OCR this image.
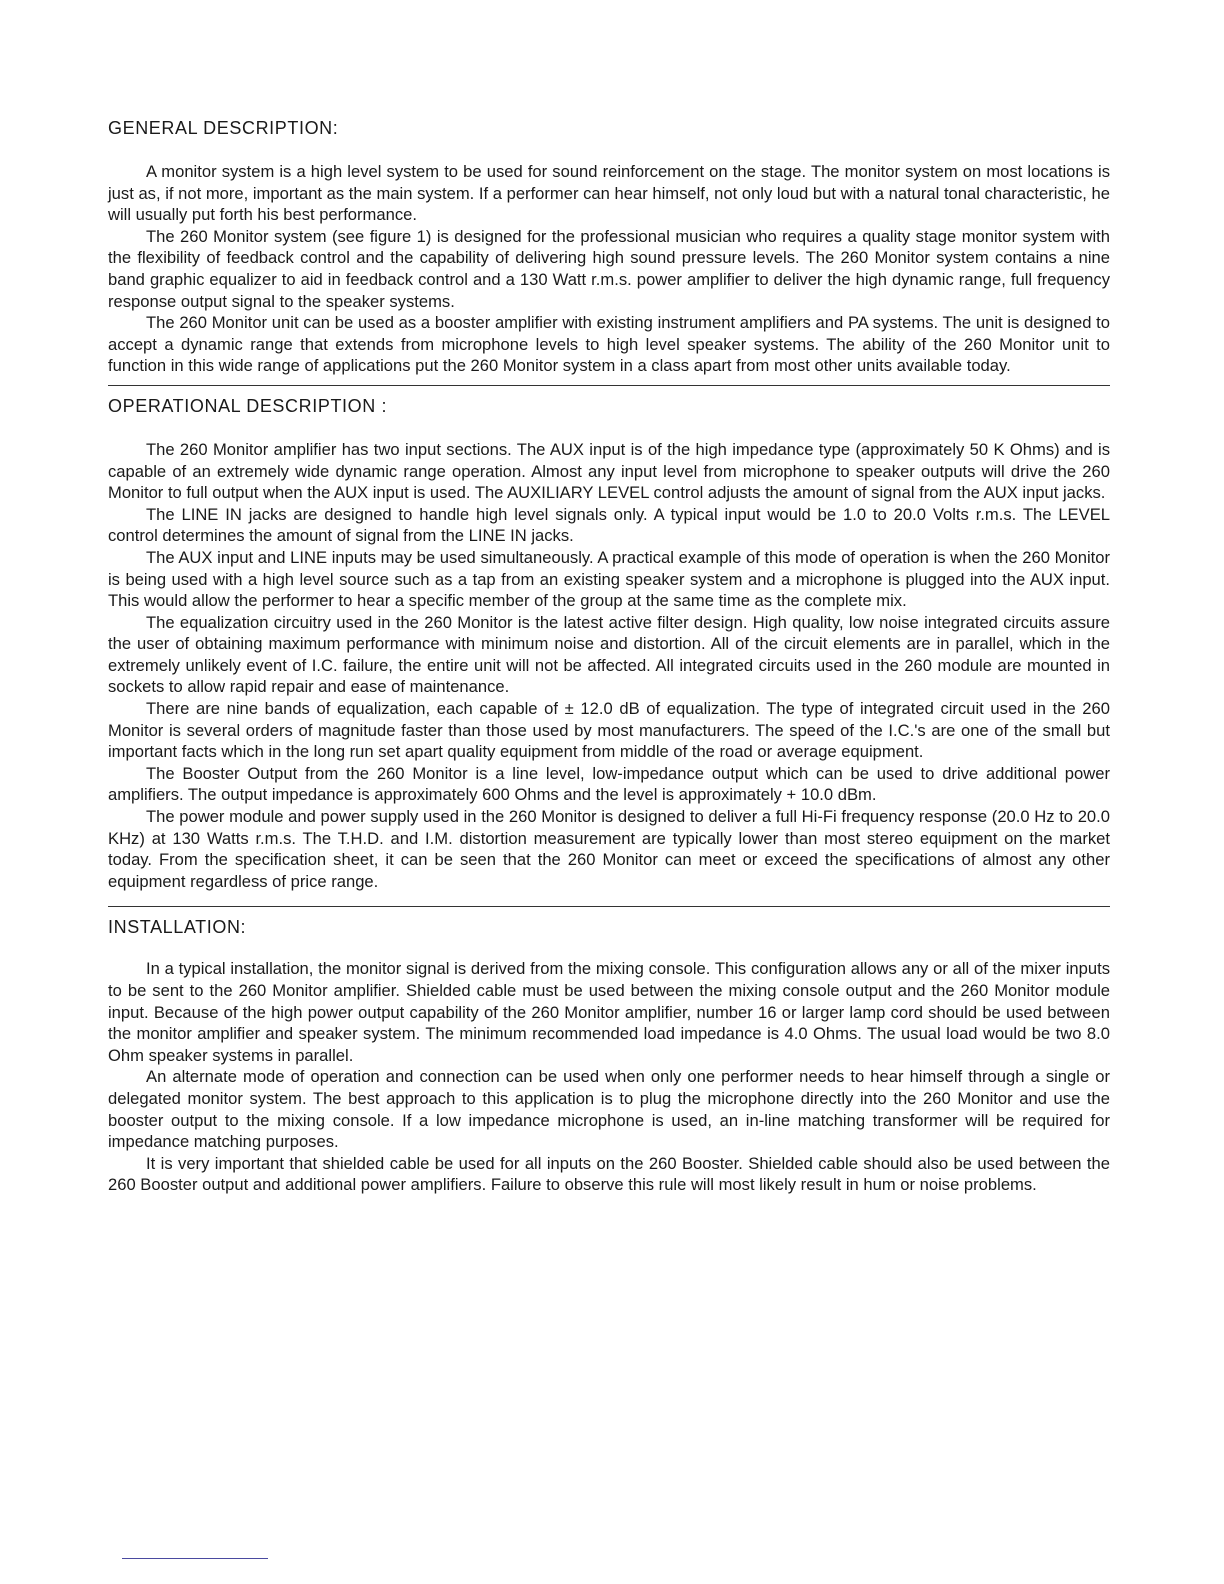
GENERAL DESCRIPTION:

A monitor system is a high level system to be used for sound reinforcement on the stage. The monitor system on most locations is just as, if not more, important as the main system. If a performer can hear himself, not only loud but with a natural tonal characteristic, he will usually put forth his best performance.

The 260 Monitor system (see figure 1) is designed for the professional musician who requires a quality stage monitor system with the flexibility of feedback control and the capability of delivering high sound pressure levels. The 260 Monitor system contains a nine band graphic equalizer to aid in feedback control and a 130 Watt r.m.s. power amplifier to deliver the high dynamic range, full frequency response output signal to the speaker systems.

The 260 Monitor unit can be used as a booster amplifier with existing instrument amplifiers and PA systems. The unit is designed to accept a dynamic range that extends from microphone levels to high level speaker systems. The ability of the 260 Monitor unit to function in this wide range of applications put the 260 Monitor system in a class apart from most other units available today.

OPERATIONAL DESCRIPTION :

The 260 Monitor amplifier has two input sections. The AUX input is of the high impedance type (approximately 50 K Ohms) and is capable of an extremely wide dynamic range operation. Almost any input level from microphone to speaker outputs will drive the 260 Monitor to full output when the AUX input is used. The AUXILIARY LEVEL control adjusts the amount of signal from the AUX input jacks.

The LINE IN jacks are designed to handle high level signals only. A typical input would be 1.0 to 20.0 Volts r.m.s. The LEVEL control determines the amount of signal from the LINE IN jacks.

The AUX input and LINE inputs may be used simultaneously. A practical example of this mode of operation is when the 260 Monitor is being used with a high level source such as a tap from an existing speaker system and a microphone is plugged into the AUX input. This would allow the performer to hear a specific member of the group at the same time as the complete mix.

The equalization circuitry used in the 260 Monitor is the latest active filter design. High quality, low noise integrated circuits assure the user of obtaining maximum performance with minimum noise and distortion. All of the circuit elements are in parallel, which in the extremely unlikely event of I.C. failure, the entire unit will not be affected. All integrated circuits used in the 260 module are mounted in sockets to allow rapid repair and ease of maintenance.

There are nine bands of equalization, each capable of ± 12.0 dB of equalization. The type of integrated circuit used in the 260 Monitor is several orders of magnitude faster than those used by most manufacturers. The speed of the I.C.'s are one of the small but important facts which in the long run set apart quality equipment from middle of the road or average equipment.

The Booster Output from the 260 Monitor is a line level, low-impedance output which can be used to drive additional power amplifiers. The output impedance is approximately 600 Ohms and the level is approximately + 10.0 dBm.

The power module and power supply used in the 260 Monitor is designed to deliver a full Hi-Fi frequency response (20.0 Hz to 20.0 KHz) at 130 Watts r.m.s. The T.H.D. and I.M. distortion measurement are typically lower than most stereo equipment on the market today. From the specification sheet, it can be seen that the 260 Monitor can meet or exceed the specifications of almost any other equipment regardless of price range.

INSTALLATION:

In a typical installation, the monitor signal is derived from the mixing console. This configuration allows any or all of the mixer inputs to be sent to the 260 Monitor amplifier. Shielded cable must be used between the mixing console output and the 260 Monitor module input. Because of the high power output capability of the 260 Monitor amplifier, number 16 or larger lamp cord should be used between the monitor amplifier and speaker system. The minimum recommended load impedance is 4.0 Ohms. The usual load would be two 8.0 Ohm speaker systems in parallel.

An alternate mode of operation and connection can be used when only one performer needs to hear himself through a single or delegated monitor system. The best approach to this application is to plug the microphone directly into the 260 Monitor and use the booster output to the mixing console. If a low impedance microphone is used, an in-line matching transformer will be required for impedance matching purposes.

It is very important that shielded cable be used for all inputs on the 260 Booster. Shielded cable should also be used between the 260 Booster output and additional power amplifiers. Failure to observe this rule will most likely result in hum or noise problems.
